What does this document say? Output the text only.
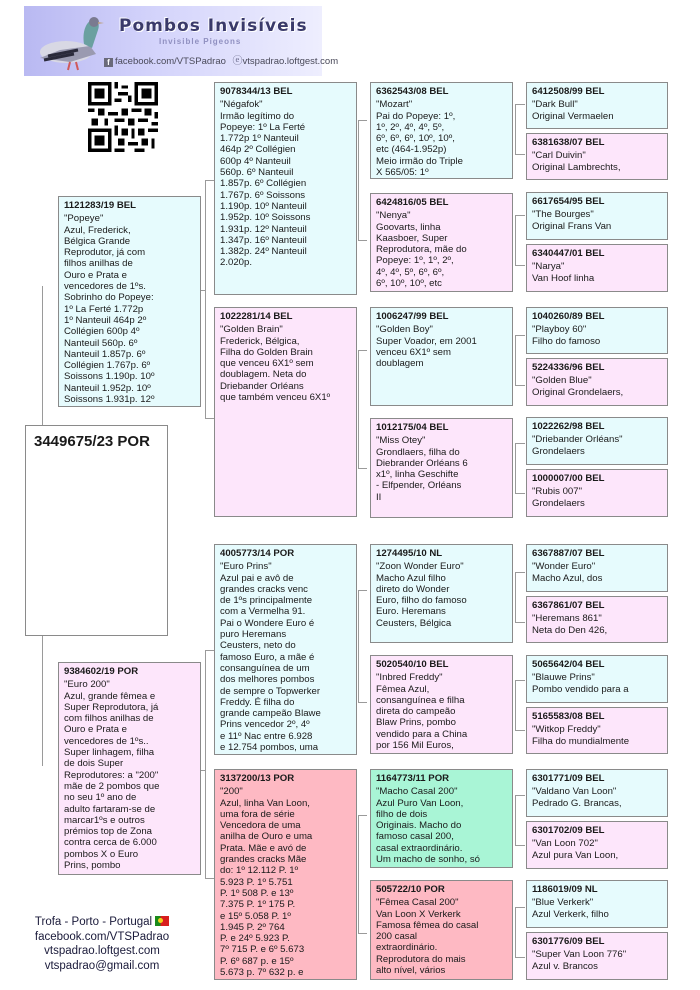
Pombos Invisíveis
Invisible Pigeons
f facebook.com/VTSPadrao ⓔvtspadrao.loftgest.com
3449675/23 POR
1121283/19 BEL
"Popeye"
Azul, Frederick,
Bélgica Grande
Reprodutor, já com
filhos anilhas de
Ouro e Prata e
vencedores de 1ºs.
Sobrinho do Popeye:
1º La Ferté 1.772p
1º Nanteuil 464p 2º
Collégien 600p 4º
Nanteuil 560p. 6º
Nanteuil 1.857p. 6º
Collégien 1.767p. 6º
Soissons 1.190p. 10º
Nanteuil 1.952p. 10º
Soissons 1.931p. 12º
9384602/19 POR
"Euro 200"
Azul, grande fêmea e
Super Reprodutora, já
com filhos anilhas de
Ouro e Prata e
vencedores de 1ºs..
Super linhagem, filha
de dois Super
Reprodutores: a "200"
mãe de 2 pombos que
no seu 1º ano de
adulto fartaram-se de
marcar1ºs e outros
prémios top de Zona
contra cerca de 6.000
pombos X o Euro
Prins, pombo
9078344/13 BEL
"Négafok"
Irmão legítimo do
Popeye: 1º La Ferté
1.772p 1º Nanteuil
464p 2º Collégien
600p 4º Nanteuil
560p. 6º Nanteuil
1.857p. 6º Collégien
1.767p. 6º Soissons
1.190p. 10º Nanteuil
1.952p. 10º Soissons
1.931p. 12º Nanteuil
1.347p. 16º Nanteuil
1.382p. 24º Nanteuil
2.020p.
1022281/14 BEL
"Golden Brain"
Frederick, Bélgica,
Filha do Golden Brain
que venceu 6X1º sem
doublagem. Neta do
Driebander Orléans
que também venceu 6X1º
4005773/14 POR
"Euro Prins"
Azul pai e avô de
grandes cracks venc
de 1ºs principalmente
com a Vermelha 91.
Pai o Wondere Euro é
puro Heremans
Ceusters, neto do
famoso Euro, a mãe é
consanguínea de um
dos melhores pombos
de sempre o Topwerker
Freddy. É filha do
grande campeão Blawe
Prins vencedor 2º, 4º
e 11º Nac entre 6.928
e 12.754 pombos, uma
3137200/13 POR
"200"
Azul, linha Van Loon,
uma fora de série
Vencedora de uma
anilha de Ouro e uma
Prata. Mãe e avó de
grandes cracks Mãe
do: 1º 12.112 P. 1º
5.923 P. 1º 5.751
P. 1º 508 P. e 13º
7.375 P. 1º 175 P.
e 15º 5.058 P. 1º
1.945 P. 2º 764
P. e 24º 5.923 P.
7º 715 P. e 6º 5.673
P. 6º 687 p. e 15º
5.673 p. 7º 632 p. e
6362543/08 BEL
"Mozart"
Pai do Popeye: 1º,
1º, 2º, 4º, 4º, 5º,
6º, 6º, 6º, 10º, 10º,
etc (464-1.952p)
Meio irmão do Triple
X 565/05: 1º
6424816/05 BEL
"Nenya"
Goovarts, linha
Kaasboer, Super
Reprodutora, mãe do
Popeye: 1º, 1º, 2º,
4º, 4º, 5º, 6º, 6º,
6º, 10º, 10º, etc
1006247/99 BEL
"Golden Boy"
Super Voador, em 2001
venceu 6X1º sem
doublagem
1012175/04 BEL
"Miss Otey"
Grondlaers, filha do
Diebrander Orléans 6
x1º, linha Geschifte
- Elfpender, Orléans
II
1274495/10 NL
"Zoon Wonder Euro"
Macho Azul filho
direto do Wonder
Euro, filho do famoso
Euro. Heremans
Ceusters, Bélgica
5020540/10 BEL
"Inbred Freddy"
Fêmea Azul,
consanguínea e filha
direta do campeão
Blaw Prins, pombo
vendido para a China
por 156 Mil Euros,
1164773/11 POR
"Macho Casal 200"
Azul Puro Van Loon,
filho de dois
Originais. Macho do
famoso casal 200,
casal extraordinário.
Um macho de sonho, só
505722/10 POR
"Fêmea Casal 200"
Van Loon X Verkerk
Famosa fêmea do casal
200 casal
extraordinário.
Reprodutora do mais
alto nível, vários
6412508/99 BEL
"Dark Bull"
Original Vermaelen
6381638/07 BEL
"Carl Duivin"
Original Lambrechts,
6617654/95 BEL
"The Bourges"
Original Frans Van
6340447/01 BEL
"Narya"
Van Hoof linha
1040260/89 BEL
"Playboy 60"
Filho do famoso
5224336/96 BEL
"Golden Blue"
Original Grondelaers,
1022262/98 BEL
"Driebander Orléans"
Grondelaers
1000007/00 BEL
"Rubis 007"
Grondelaers
6367887/07 BEL
"Wonder Euro"
Macho Azul, dos
6367861/07 BEL
"Heremans 861"
Neta do Den 426,
5065642/04 BEL
"Blauwe Prins"
Pombo vendido para a
5165583/08 BEL
"Witkop Freddy"
Filha do mundialmente
6301771/09 BEL
"Valdano Van Loon"
Pedrado G. Brancas,
6301702/09 BEL
"Van Loon 702"
Azul pura Van Loon,
1186019/09 NL
"Blue Verkerk"
Azul Verkerk, filho
6301776/09 BEL
"Super Van Loon 776"
Azul v. Brancos
Trofa - Porto - Portugal
facebook.com/VTSPadrao
vtspadrao.loftgest.com
vtspadrao@gmail.com
